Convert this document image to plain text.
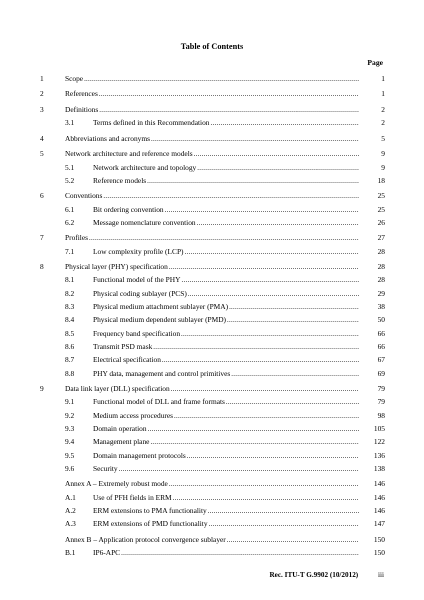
Table of Contents
Page
1	Scope .....	1
2	References .....	1
3	Definitions .....	2
3.1	Terms defined in this Recommendation .....	2
4	Abbreviations and acronyms .....	5
5	Network architecture and reference models .....	9
5.1	Network architecture and topology .....	9
5.2	Reference models .....	18
6	Conventions .....	25
6.1	Bit ordering convention .....	25
6.2	Message nomenclature convention .....	26
7	Profiles .....	27
7.1	Low complexity profile (LCP) .....	28
8	Physical layer (PHY) specification .....	28
8.1	Functional model of the PHY .....	28
8.2	Physical coding sublayer (PCS) .....	29
8.3	Physical medium attachment sublayer (PMA) .....	38
8.4	Physical medium dependent sublayer (PMD) .....	50
8.5	Frequency band specification .....	66
8.6	Transmit PSD mask .....	66
8.7	Electrical specification .....	67
8.8	PHY data, management and control primitives .....	69
9	Data link layer (DLL) specification .....	79
9.1	Functional model of DLL and frame formats .....	79
9.2	Medium access procedures .....	98
9.3	Domain operation .....	105
9.4	Management plane .....	122
9.5	Domain management protocols .....	136
9.6	Security .....	138
Annex A – Extremely robust mode .....	146
A.1 Use of PFH fields in ERM .....	146
A.2 ERM extensions to PMA functionality .....	146
A.3 ERM extensions of PMD functionality .....	147
Annex B – Application protocol convergence sublayer .....	150
B.1 IP6-APC .....	150
Rec. ITU-T G.9902 (10/2012)	iii
